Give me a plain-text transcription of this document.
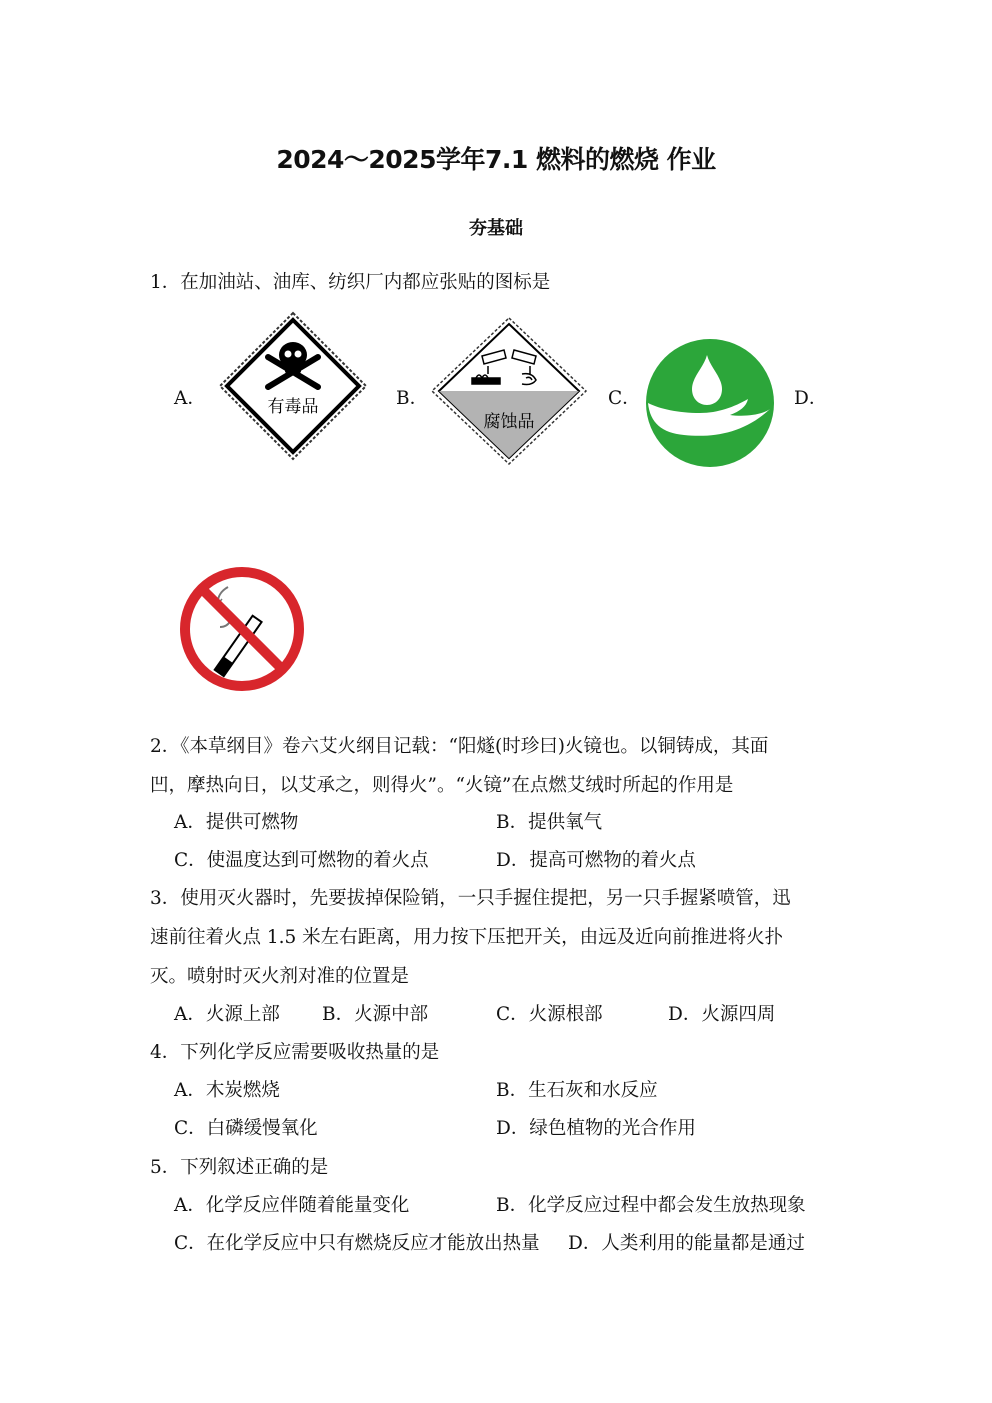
2024～2025学年7.1 燃料的燃烧 作业
夯基础
1．在加油站、油库、纺织厂内都应张贴的图标是
A．	有毒品	B．
腐蚀品
C．	D．
2．《本草纲目》卷六艾火纲目记载：“阳燧(时珍曰)火镜也。以铜铸成，其面
凹，摩热向日，以艾承之，则得火”。“火镜”在点燃艾绒时所起的作用是
A．提供可燃物	B．提供氧气
C．使温度达到可燃物的着火点	D．提高可燃物的着火点
3．使用灭火器时，先要拔掉保险销，一只手握住提把，另一只手握紧喷管，迅
速前往着火点 1.5 米左右距离，用力按下压把开关，由远及近向前推进将火扑
灭。喷射时灭火剂对准的位置是
A．火源上部 B．火源中部	C．火源根部	D．火源四周
4．下列化学反应需要吸收热量的是
A．木炭燃烧	B．生石灰和水反应
C．白磷缓慢氧化	D．绿色植物的光合作用
5．下列叙述正确的是
A．化学反应伴随着能量变化	B．化学反应过程中都会发生放热现象
C．在化学反应中只有燃烧反应才能放出热量 D．人类利用的能量都是通过
